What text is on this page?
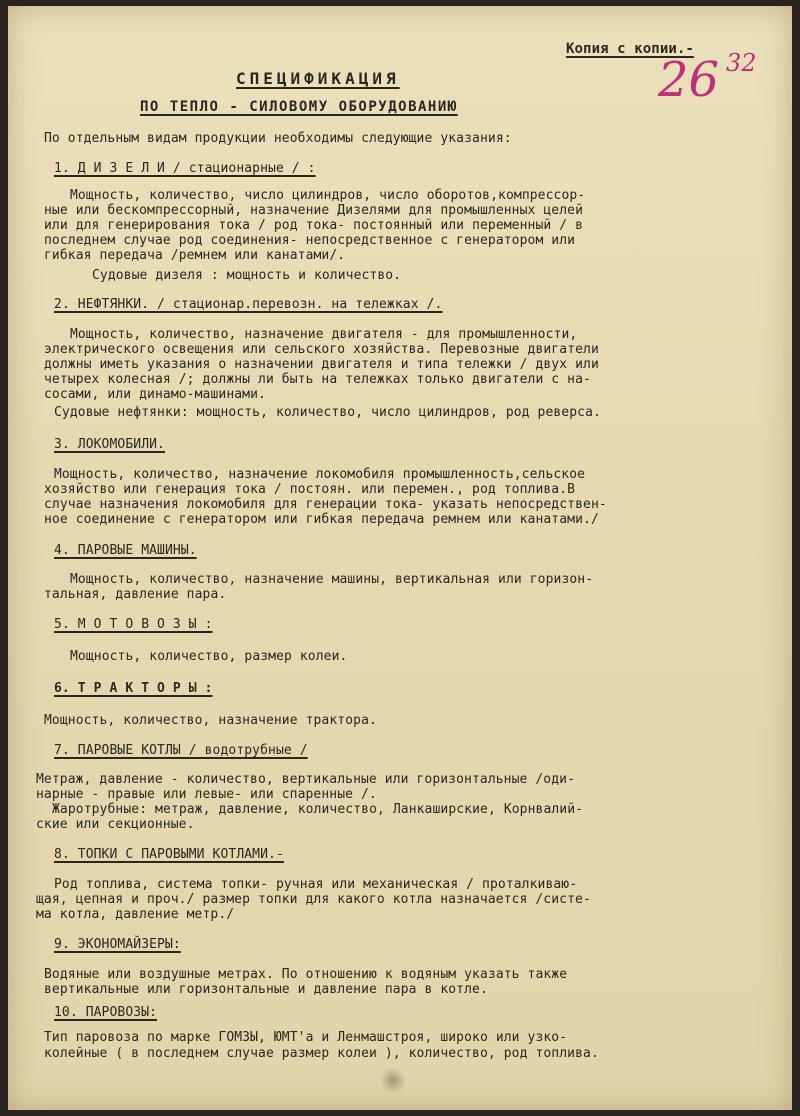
Копия с копии.-
26 32
СПЕЦИФИКАЦИЯ
ПО ТЕПЛО - СИЛОВОМУ ОБОРУДОВАНИЮ
По отдельным видам продукции необходимы следующие указания:
1. Д И З Е Л И / стационарные / :
Мощность, количество, число цилиндров, число оборотов,компрессор-
ные или бескомпрессорный, назначение Дизелями для промышленных целей
или для генерирования тока / род тока- постоянный или переменный / в
последнем случае род соединения- непосредственное с генератором или
гибкая передача /ремнем или канатами/.
Судовые дизеля : мощность и количество.
2. НЕФТЯНКИ. / стационар.перевозн. на тележках /.
Мощность, количество, назначение двигателя - для промышленности,
электрического освещения или сельского хозяйства. Перевозные двигатели
должны иметь указания о назначении двигателя и типа тележки / двух или
четырех колесная /; должны ли быть на тележках только двигатели с на-
сосами, или динамо-машинами.
Судовые нефтянки: мощность, количество, число цилиндров, род реверса.
3. ЛОКОМОБИЛИ.
Мощность, количество, назначение локомобиля промышленность,сельское
хозяйство или генерация тока / постоян. или перемен., род топлива.В
случае назначения локомобиля для генерации тока- указать непосредствен-
ное соединение с генератором или гибкая передача ремнем или канатами./
4. ПАРОВЫЕ МАШИНЫ.
Мощность, количество, назначение машины, вертикальная или горизон-
тальная, давление пара.
5. М О Т О В О З Ы :
Мощность, количество, размер колеи.
6. Т Р А К Т О Р Ы :
Мощность, количество, назначение трактора.
7. ПАРОВЫЕ КОТЛЫ / водотрубные /
Метраж, давление - количество, вертикальные или горизонтальные /оди-
нарные - правые или левые- или спаренные /.
Жаротрубные: метраж, давление, количество, Ланкаширские, Корнвалий-
ские или секционные.
8. ТОПКИ С ПАРОВЫМИ КОТЛАМИ.-
Род топлива, система топки- ручная или механическая / проталкиваю-
щая, цепная и проч./ размер топки для какого котла назначается /систе-
ма котла, давление метр./
9. ЭКОНОМАЙЗЕРЫ:
Водяные или воздушные метрах. По отношению к водяным указать также
вертикальные или горизонтальные и давление пара в котле.
10. ПАРОВОЗЫ:
Тип паровоза по марке ГОМЗЫ, ЮМТ'а и Ленмашстроя, широко или узко-
колейные ( в последнем случае размер колеи ), количество, род топлива.
